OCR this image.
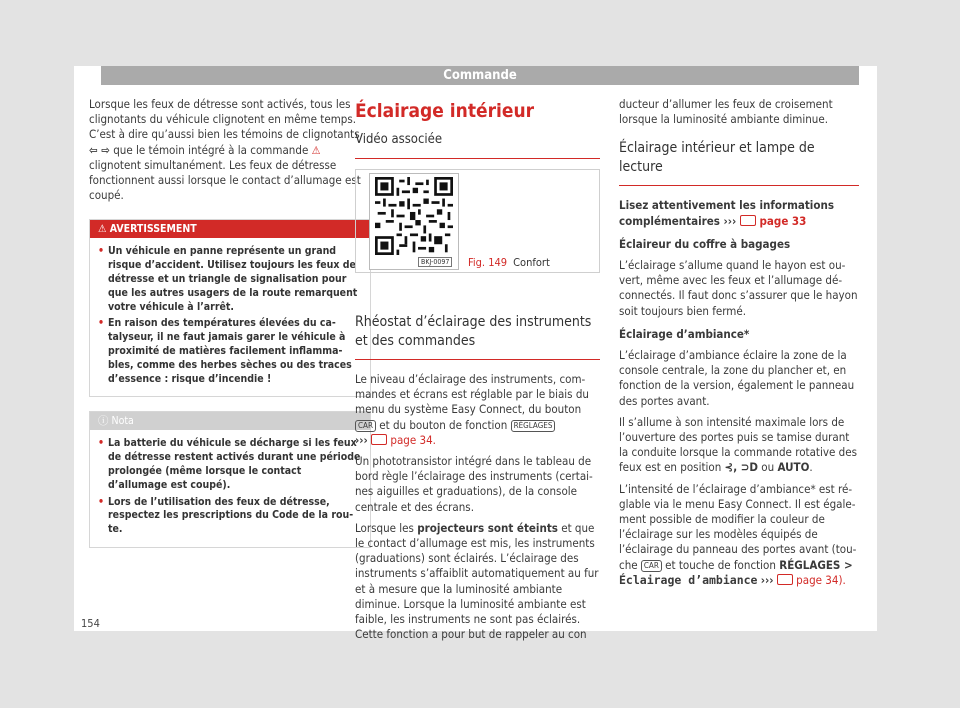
Commande

Lorsque les feux de détresse sont activés, tous les clignotants du véhicule clignotent en même temps. C’est à dire qu’aussi bien les témoins de clignotants ⇦ ⇨ que le témoin intégré à la commande ⚠ clignotent simultanément. Les feux de détresse fonctionnent aussi lorsque le contact d’allumage est coupé.

⚠ AVERTISSEMENT
• Un véhicule en panne représente un grand risque d’accident. Utilisez toujours les feux de détresse et un triangle de signalisation pour que les autres usagers de la route remarquent votre véhicule à l’arrêt.
• En raison des températures élevées du catalyseur, il ne faut jamais garer le véhicule à proximité de matières facilement inflammables, comme des herbes sèches ou des traces d’essence : risque d’incendie !
ⓘ Nota
• La batterie du véhicule se décharge si les feux de détresse restent activés durant une période prolongée (même lorsque le contact d’allumage est coupé).
• Lors de l’utilisation des feux de détresse, respectez les prescriptions du Code de la route.
Éclairage intérieur
Vidéo associée
BKJ-0097 Fig. 149 Confort
Rhéostat d’éclairage des instruments et des commandes

Le niveau d’éclairage des instruments, commandes et écrans est réglable par le biais du menu du système Easy Connect, du bouton CAR et du bouton de fonction RÉGLAGES
›››  page 34.

Un phototransistor intégré dans le tableau de bord règle l’éclairage des instruments (certaines aiguilles et graduations), de la console centrale et des écrans.

Lorsque les projecteurs sont éteints et que le contact d’allumage est mis, les instruments (graduations) sont éclairés. L’éclairage des instruments s’affaiblit automatiquement au fur et à mesure que la luminosité ambiante diminue. Lorsque la luminosité ambiante est faible, les instruments ne sont pas éclairés. Cette fonction a pour but de rappeler au con

ducteur d’allumer les feux de croisement lorsque la luminosité ambiante diminue.

Éclairage intérieur et lampe de lecture

Lisez attentivement les informations complémentaires ›››  page 33

Éclaireur du coffre à bagages

L’éclairage s’allume quand le hayon est ouvert, même avec les feux et l’allumage déconnectés. Il faut donc s’assurer que le hayon soit toujours bien fermé.

Éclairage d’ambiance*

L’éclairage d’ambiance éclaire la zone de la console centrale, la zone du plancher et, en fonction de la version, également le panneau des portes avant.

Il s’allume à son intensité maximale lors de l’ouverture des portes puis se tamise durant la conduite lorsque la commande rotative des feux est en position ⊰, ⊃D ou AUTO.

L’intensité de l’éclairage d’ambiance* est réglable via le menu Easy Connect. Il est également possible de modifier la couleur de l’éclairage sur les modèles équipés de l’éclairage du panneau des portes avant (touche CAR et touche de fonction RÉGLAGES >
Éclairage d’ambiance ›››  page 34).

154
